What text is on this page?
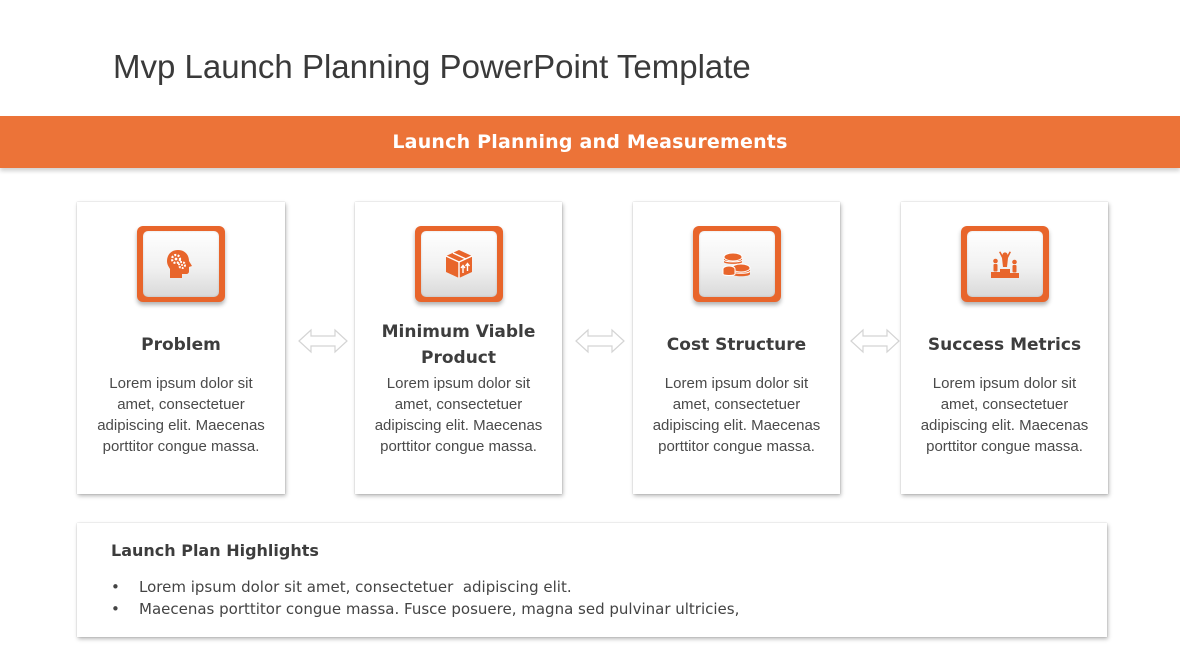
Mvp Launch Planning PowerPoint Template
Launch Planning and Measurements
Problem
Lorem ipsum dolor sit amet, consectetuer adipiscing elit. Maecenas porttitor congue massa.
Minimum Viable Product
Lorem ipsum dolor sit amet, consectetuer adipiscing elit. Maecenas porttitor congue massa.
Cost Structure
Lorem ipsum dolor sit amet, consectetuer adipiscing elit. Maecenas porttitor congue massa.
Success Metrics
Lorem ipsum dolor sit amet, consectetuer adipiscing elit. Maecenas porttitor congue massa.
Launch Plan Highlights
• Lorem ipsum dolor sit amet, consectetuer  adipiscing elit.
• Maecenas porttitor congue massa. Fusce posuere, magna sed pulvinar ultricies,
